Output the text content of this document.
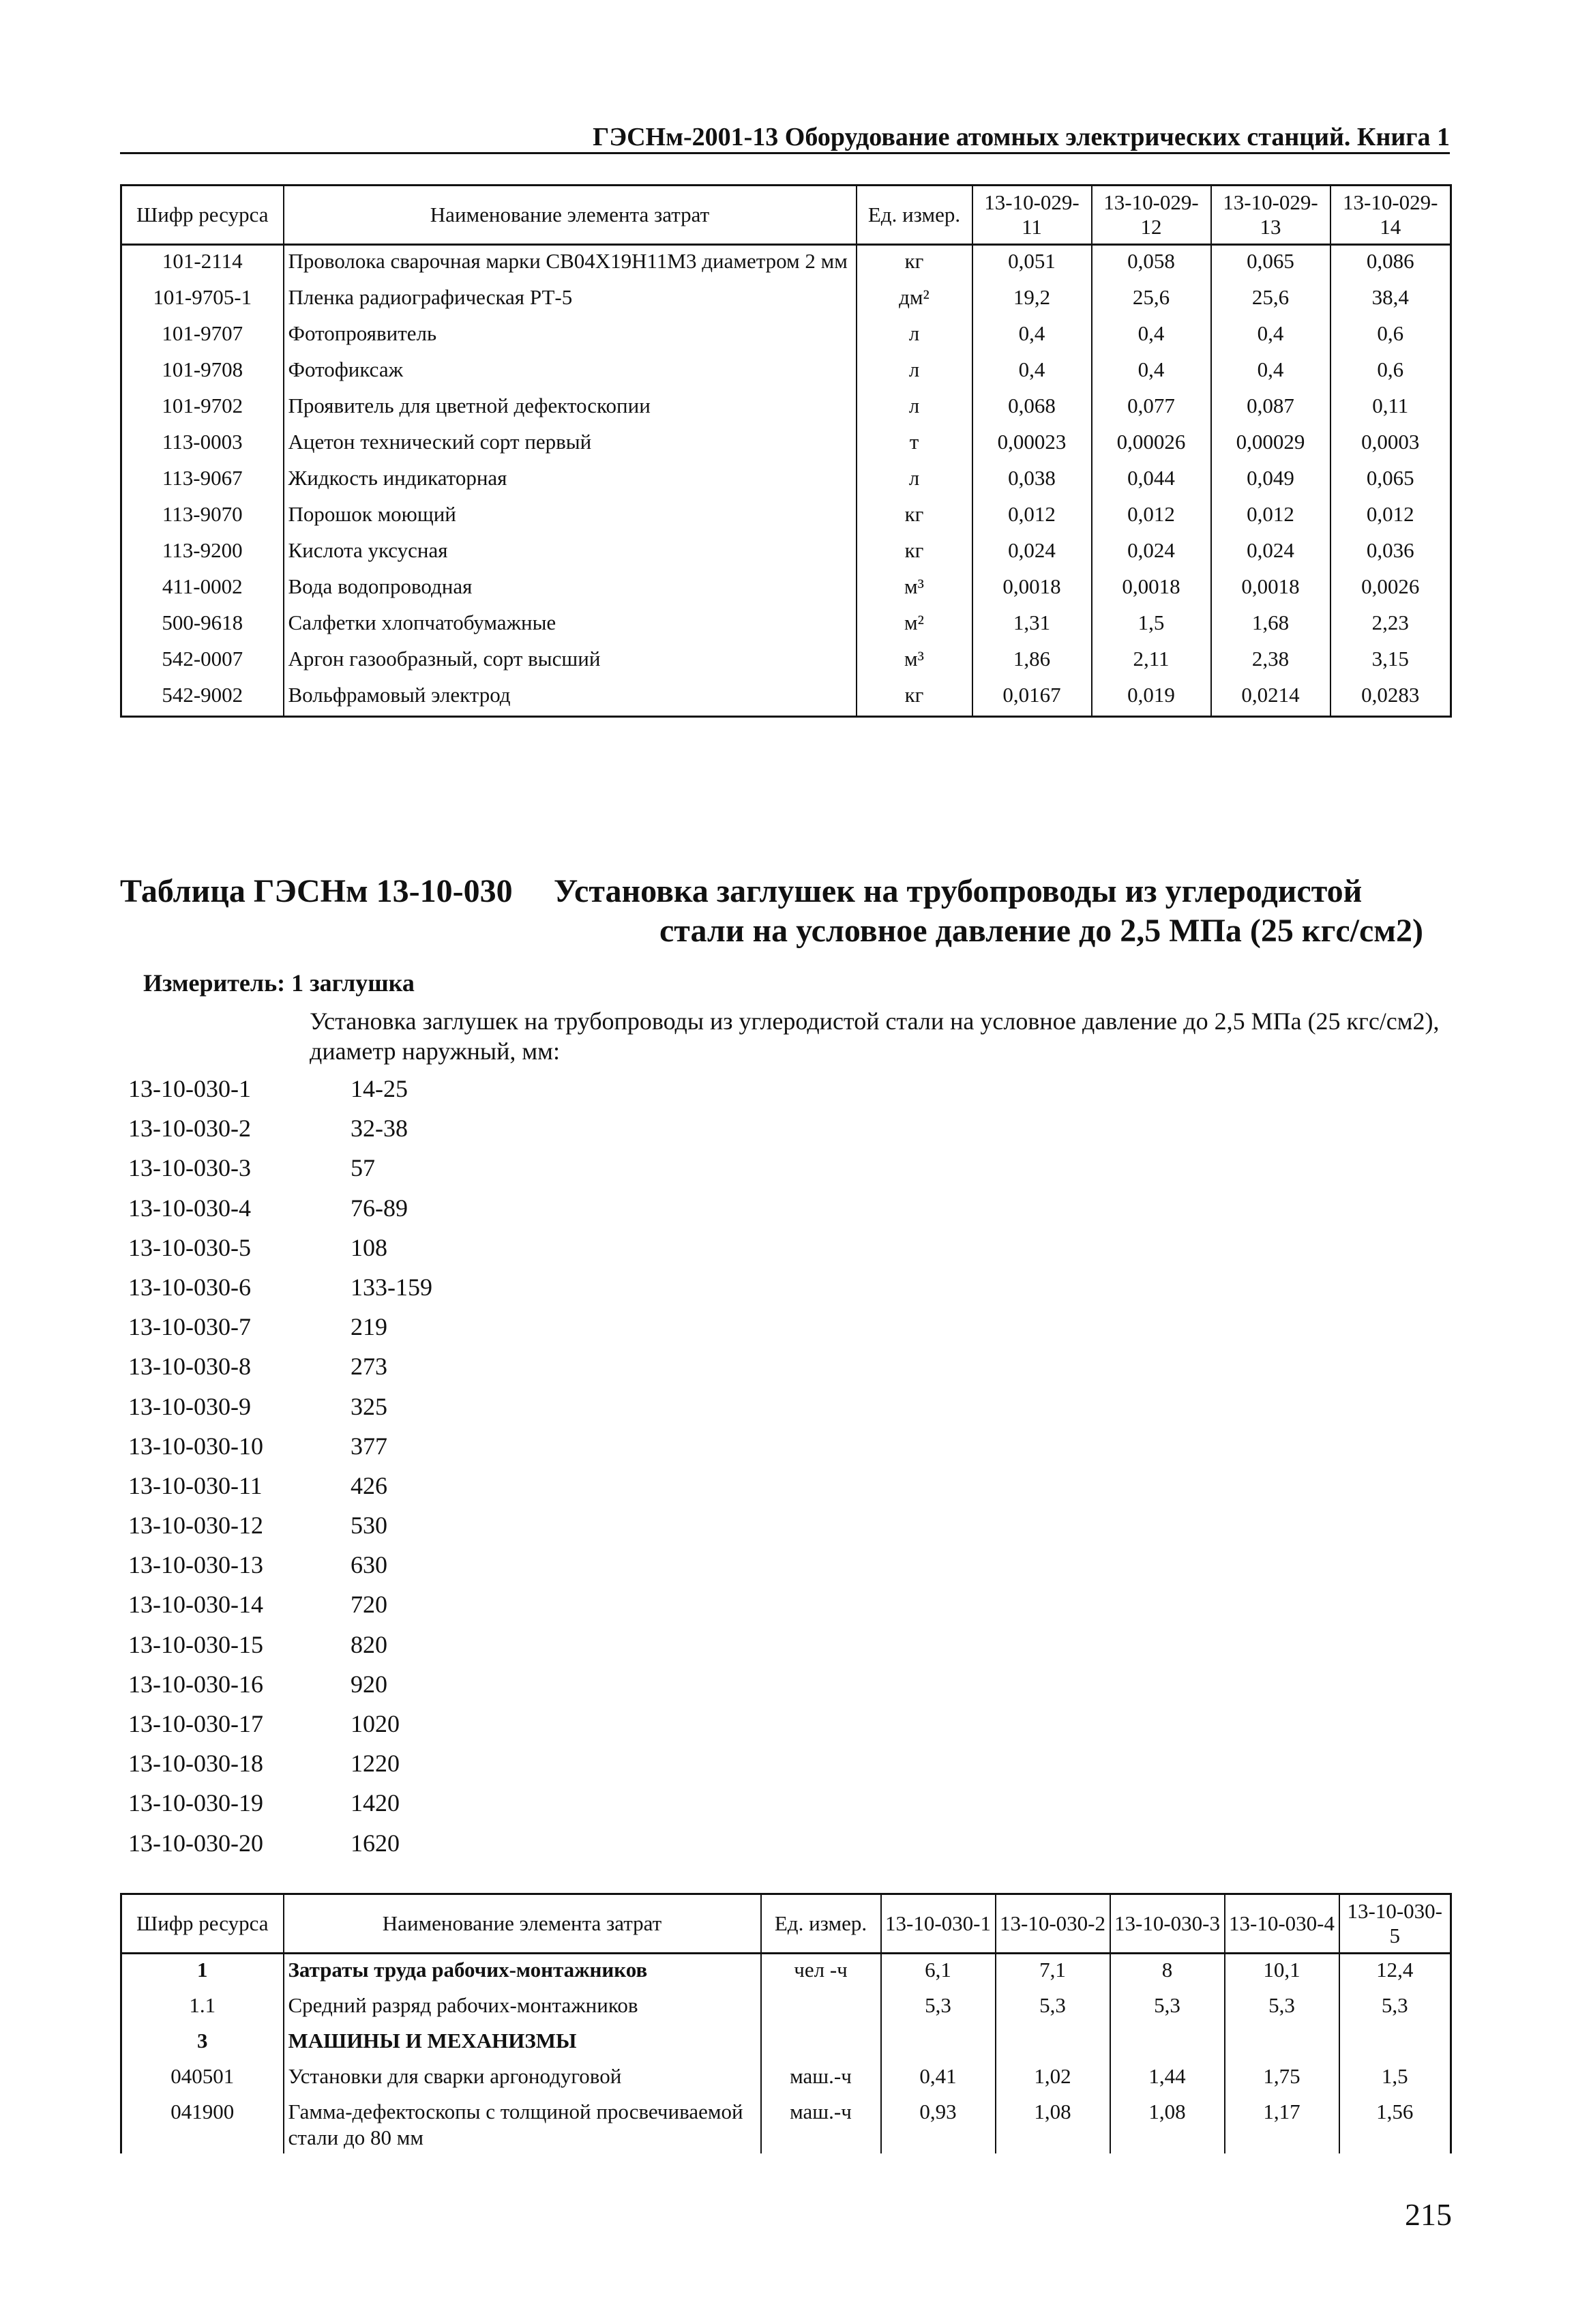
ГЭСНм-2001-13 Оборудование атомных электрических станций. Книга 1
Шифр ресурса	Наименование элемента затрат	Ед. измер.	13-10-029-11	13-10-029-12	13-10-029-13	13-10-029-14
101-2114	Проволока сварочная марки СВ04Х19Н11М3 диаметром 2 мм	кг	0,051	0,058	0,065	0,086
101-9705-1	Пленка радиографическая РТ-5	дм²	19,2	25,6	25,6	38,4
101-9707	Фотопроявитель	л	0,4	0,4	0,4	0,6
101-9708	Фотофиксаж	л	0,4	0,4	0,4	0,6
101-9702	Проявитель для цветной дефектоскопии	л	0,068	0,077	0,087	0,11
113-0003	Ацетон технический сорт первый	т	0,00023	0,00026	0,00029	0,0003
113-9067	Жидкость индикаторная	л	0,038	0,044	0,049	0,065
113-9070	Порошок моющий	кг	0,012	0,012	0,012	0,012
113-9200	Кислота уксусная	кг	0,024	0,024	0,024	0,036
411-0002	Вода водопроводная	м³	0,0018	0,0018	0,0018	0,0026
500-9618	Салфетки хлопчатобумажные	м²	1,31	1,5	1,68	2,23
542-0007	Аргон газообразный, сорт высший	м³	1,86	2,11	2,38	3,15
542-9002	Вольфрамовый электрод	кг	0,0167	0,019	0,0214	0,0283
Таблица ГЭСНм 13-10-030 Установка заглушек на трубопроводы из углеродистой
стали на условное давление до 2,5 МПа (25 кгс/см2)
Измеритель: 1 заглушка
Установка заглушек на трубопроводы из углеродистой стали на условное давление до 2,5 МПа (25 кгс/см2), диаметр наружный, мм:
13-10-030-1	14-25
13-10-030-2	32-38
13-10-030-3	57
13-10-030-4	76-89
13-10-030-5	108
13-10-030-6	133-159
13-10-030-7	219
13-10-030-8	273
13-10-030-9	325
13-10-030-10	377
13-10-030-11	426
13-10-030-12	530
13-10-030-13	630
13-10-030-14	720
13-10-030-15	820
13-10-030-16	920
13-10-030-17	1020
13-10-030-18	1220
13-10-030-19	1420
13-10-030-20	1620
Шифр ресурса	Наименование элемента затрат	Ед. измер.	13-10-030-1	13-10-030-2	13-10-030-3	13-10-030-4	13-10-030-5
1	Затраты труда рабочих-монтажников	чел -ч	6,1	7,1	8	10,1	12,4
1.1	Средний разряд рабочих-монтажников		5,3	5,3	5,3	5,3	5,3
3	МАШИНЫ И МЕХАНИЗМЫ						
040501	Установки для сварки аргонодуговой	маш.-ч	0,41	1,02	1,44	1,75	1,5
041900	Гамма-дефектоскопы с толщиной просвечиваемой стали до 80 мм	маш.-ч	0,93	1,08	1,08	1,17	1,56
215
